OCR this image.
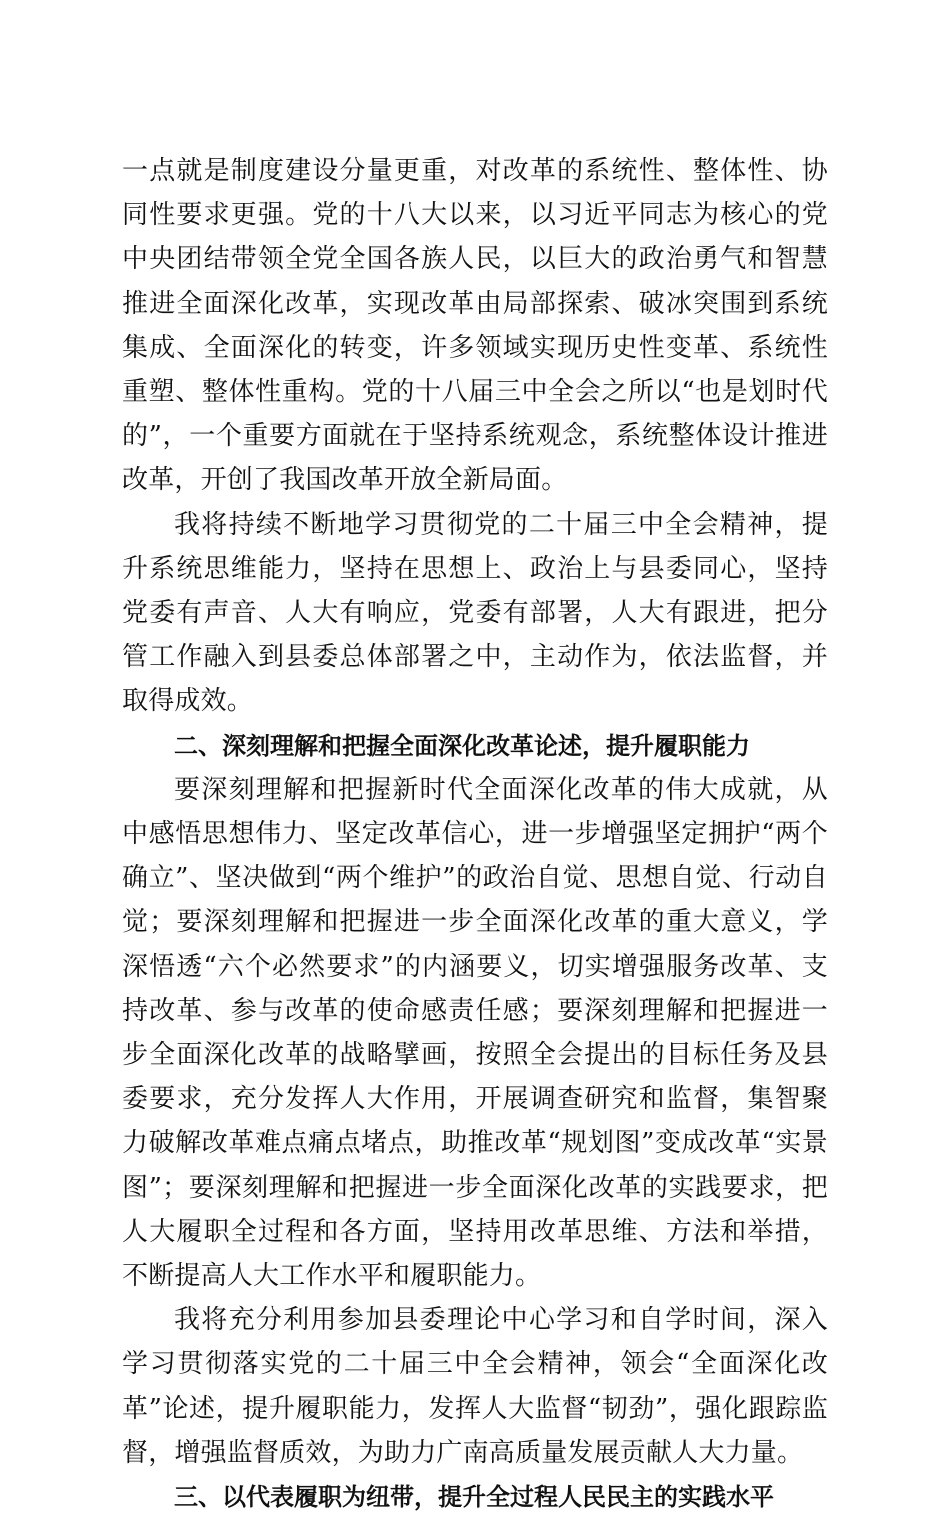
一点就是制度建设分量更重，对改革的系统性、整体性、协同性要求更强。党的十八大以来，以习近平同志为核心的党中央团结带领全党全国各族人民，以巨大的政治勇气和智慧推进全面深化改革，实现改革由局部探索、破冰突围到系统集成、全面深化的转变，许多领域实现历史性变革、系统性重塑、整体性重构。党的十八届三中全会之所以“也是划时代的”，一个重要方面就在于坚持系统观念，系统整体设计推进改革，开创了我国改革开放全新局面。

我将持续不断地学习贯彻党的二十届三中全会精神，提升系统思维能力，坚持在思想上、政治上与县委同心，坚持党委有声音、人大有响应，党委有部署，人大有跟进，把分管工作融入到县委总体部署之中，主动作为，依法监督，并取得成效。

二、深刻理解和把握全面深化改革论述，提升履职能力

要深刻理解和把握新时代全面深化改革的伟大成就，从中感悟思想伟力、坚定改革信心，进一步增强坚定拥护“两个确立”、坚决做到“两个维护”的政治自觉、思想自觉、行动自觉；要深刻理解和把握进一步全面深化改革的重大意义，学深悟透“六个必然要求”的内涵要义，切实增强服务改革、支持改革、参与改革的使命感责任感；要深刻理解和把握进一步全面深化改革的战略擘画，按照全会提出的目标任务及县委要求，充分发挥人大作用，开展调查研究和监督，集智聚力破解改革难点痛点堵点，助推改革“规划图”变成改革“实景图”；要深刻理解和把握进一步全面深化改革的实践要求，把人大履职全过程和各方面，坚持用改革思维、方法和举措，不断提高人大工作水平和履职能力。

我将充分利用参加县委理论中心学习和自学时间，深入学习贯彻落实党的二十届三中全会精神，领会“全面深化改革”论述，提升履职能力，发挥人大监督“韧劲”，强化跟踪监督，增强监督质效，为助力广南高质量发展贡献人大力量。

三、以代表履职为纽带，提升全过程人民民主的实践水平
